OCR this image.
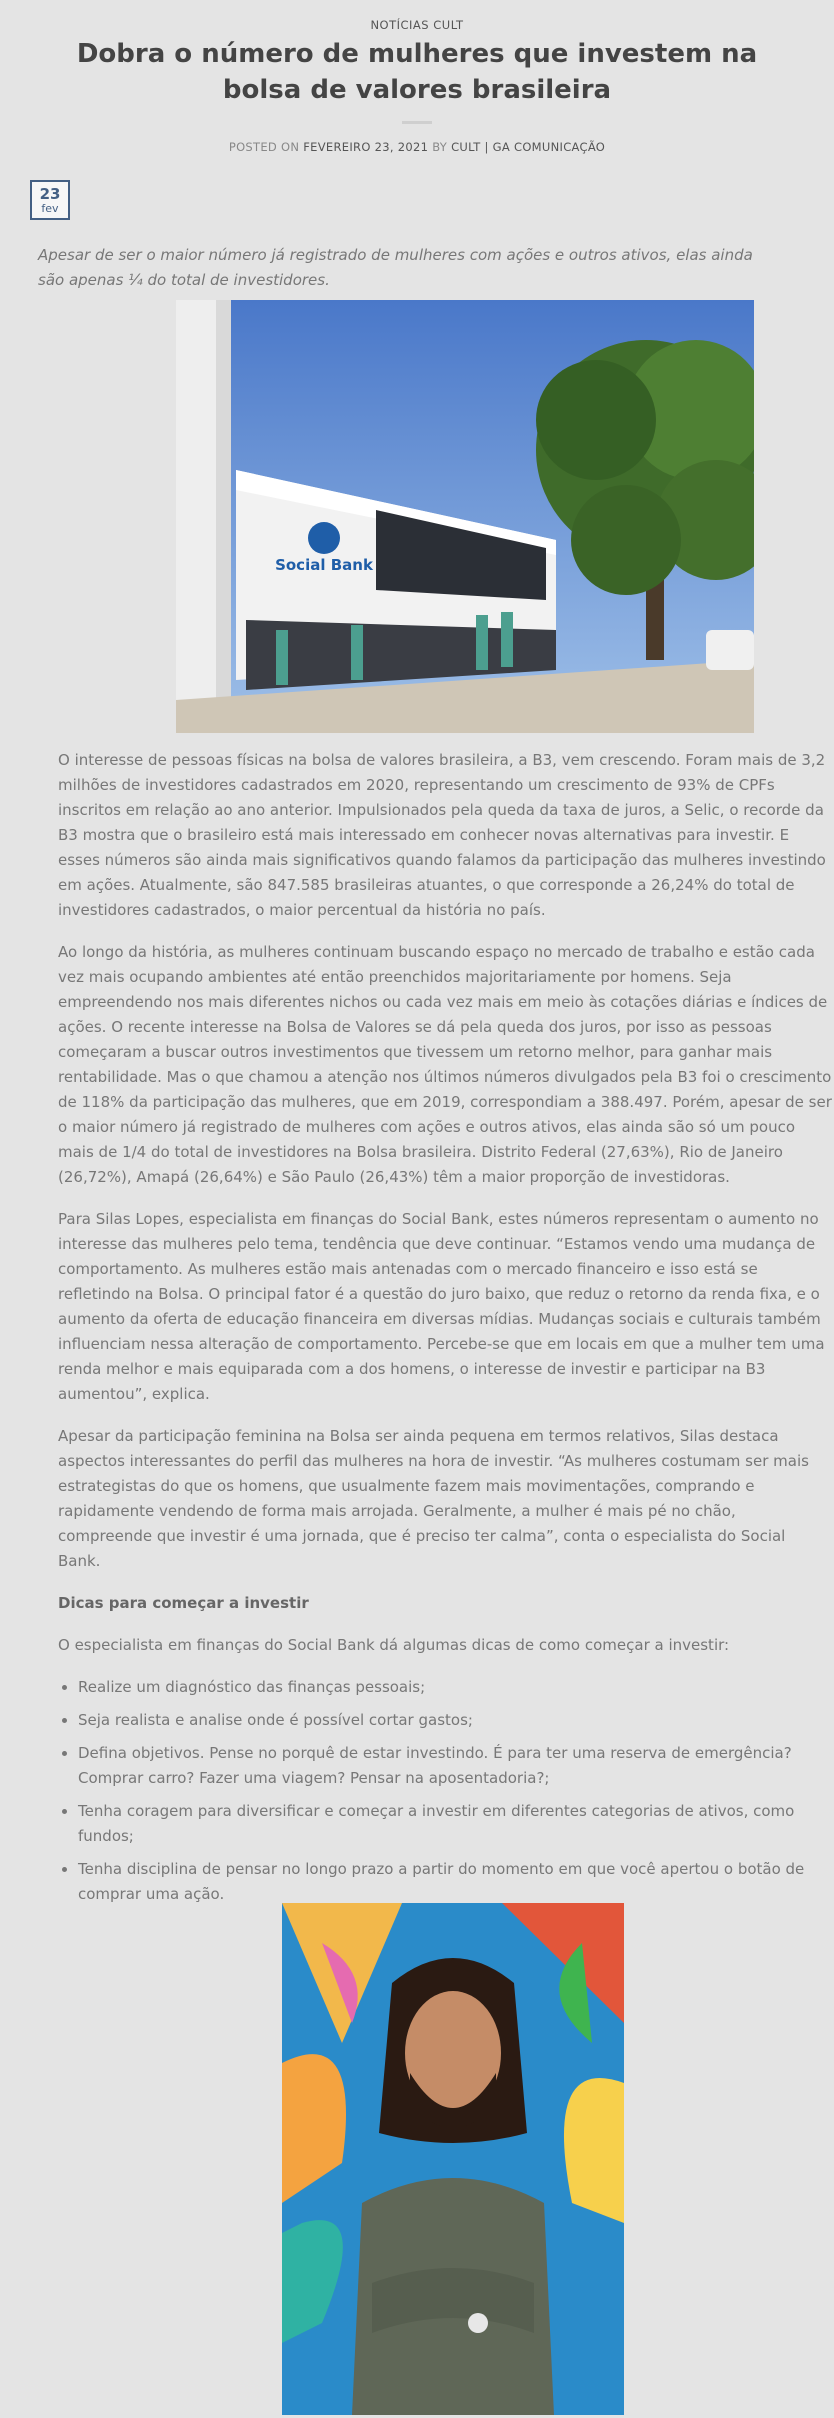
NOTÍCIAS CULT
Dobra o número de mulheres que investem na bolsa de valores brasileira
POSTED ON FEVEREIRO 23, 2021 BY CULT | GA COMUNICAÇÃO
23
fev

Apesar de ser o maior número já registrado de mulheres com ações e outros ativos, elas ainda são apenas ¼ do total de investidores.

Social Bank

O interesse de pessoas físicas na bolsa de valores brasileira, a B3, vem crescendo. Foram mais de 3,2 milhões de investidores cadastrados em 2020, representando um crescimento de 93% de CPFs inscritos em relação ao ano anterior. Impulsionados pela queda da taxa de juros, a Selic, o recorde da B3 mostra que o brasileiro está mais interessado em conhecer novas alternativas para investir. E esses números são ainda mais significativos quando falamos da participação das mulheres investindo em ações. Atualmente, são 847.585 brasileiras atuantes, o que corresponde a 26,24% do total de investidores cadastrados, o maior percentual da história no país.

Ao longo da história, as mulheres continuam buscando espaço no mercado de trabalho e estão cada vez mais ocupando ambientes até então preenchidos majoritariamente por homens. Seja empreendendo nos mais diferentes nichos ou cada vez mais em meio às cotações diárias e índices de ações. O recente interesse na Bolsa de Valores se dá pela queda dos juros, por isso as pessoas começaram a buscar outros investimentos que tivessem um retorno melhor, para ganhar mais rentabilidade. Mas o que chamou a atenção nos últimos números divulgados pela B3 foi o crescimento de 118% da participação das mulheres, que em 2019, correspondiam a 388.497. Porém, apesar de ser o maior número já registrado de mulheres com ações e outros ativos, elas ainda são só um pouco mais de 1/4 do total de investidores na Bolsa brasileira. Distrito Federal (27,63%), Rio de Janeiro (26,72%), Amapá (26,64%) e São Paulo (26,43%) têm a maior proporção de investidoras.

Para Silas Lopes, especialista em finanças do Social Bank, estes números representam o aumento no interesse das mulheres pelo tema, tendência que deve continuar. “Estamos vendo uma mudança de comportamento. As mulheres estão mais antenadas com o mercado financeiro e isso está se refletindo na Bolsa. O principal fator é a questão do juro baixo, que reduz o retorno da renda fixa, e o aumento da oferta de educação financeira em diversas mídias. Mudanças sociais e culturais também influenciam nessa alteração de comportamento. Percebe-se que em locais em que a mulher tem uma renda melhor e mais equiparada com a dos homens, o interesse de investir e participar na B3 aumentou”, explica.

Apesar da participação feminina na Bolsa ser ainda pequena em termos relativos, Silas destaca aspectos interessantes do perfil das mulheres na hora de investir. “As mulheres costumam ser mais estrategistas do que os homens, que usualmente fazem mais movimentações, comprando e rapidamente vendendo de forma mais arrojada. Geralmente, a mulher é mais pé no chão, compreende que investir é uma jornada, que é preciso ter calma”, conta o especialista do Social Bank.

Dicas para começar a investir

O especialista em finanças do Social Bank dá algumas dicas de como começar a investir:

• Realize um diagnóstico das finanças pessoais;
• Seja realista e analise onde é possível cortar gastos;
• Defina objetivos. Pense no porquê de estar investindo. É para ter uma reserva de emergência? Comprar carro? Fazer uma viagem? Pensar na aposentadoria?;
• Tenha coragem para diversificar e começar a investir em diferentes categorias de ativos, como fundos;
• Tenha disciplina de pensar no longo prazo a partir do momento em que você apertou o botão de comprar uma ação.
